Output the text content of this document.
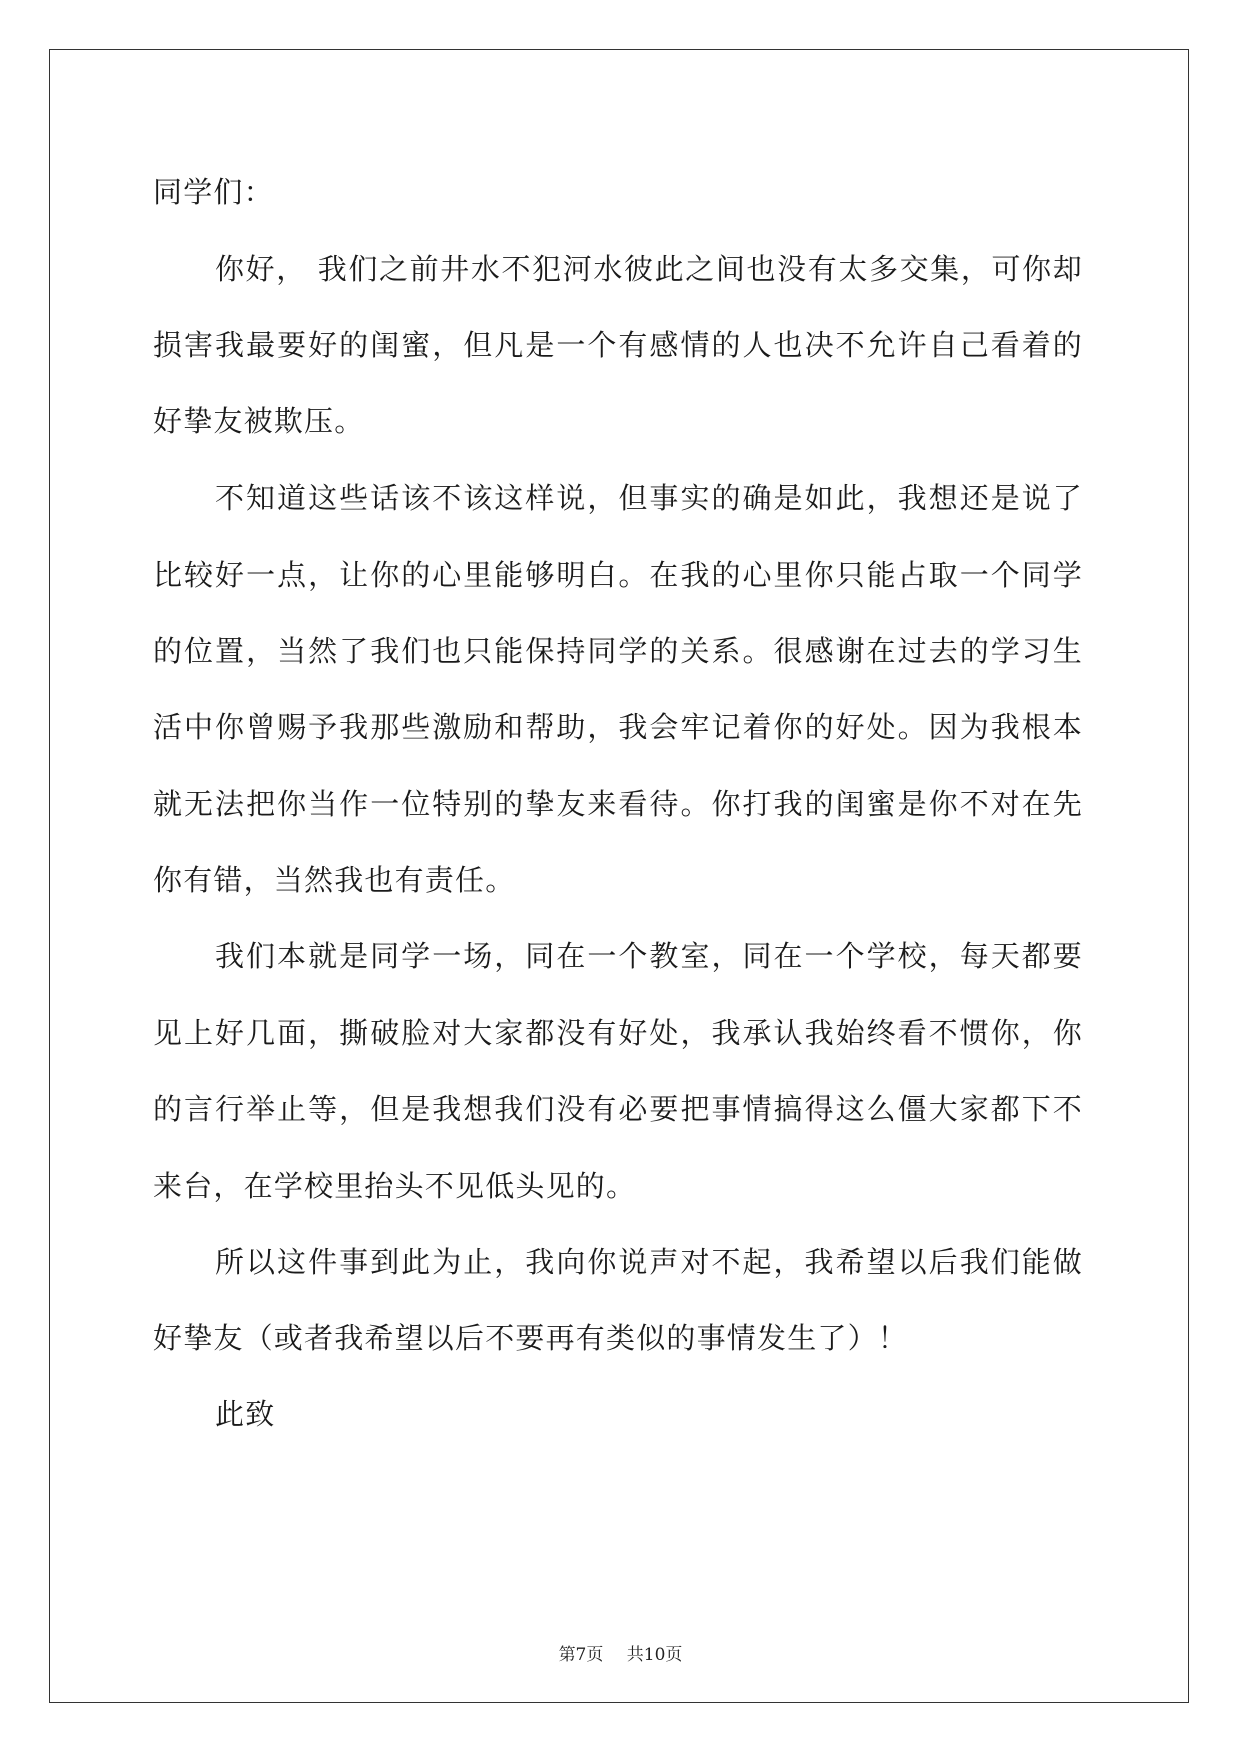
同学们：
你好， 我们之前井水不犯河水彼此之间也没有太多交集，可你却
损害我最要好的闺蜜，但凡是一个有感情的人也决不允许自己看着的
好挚友被欺压。
不知道这些话该不该这样说，但事实的确是如此，我想还是说了
比较好一点，让你的心里能够明白。在我的心里你只能占取一个同学
的位置，当然了我们也只能保持同学的关系。很感谢在过去的学习生
活中你曾赐予我那些激励和帮助，我会牢记着你的好处。因为我根本
就无法把你当作一位特别的挚友来看待。你打我的闺蜜是你不对在先
你有错，当然我也有责任。
我们本就是同学一场，同在一个教室，同在一个学校，每天都要
见上好几面，撕破脸对大家都没有好处，我承认我始终看不惯你，你
的言行举止等，但是我想我们没有必要把事情搞得这么僵大家都下不
来台，在学校里抬头不见低头见的。
所以这件事到此为止，我向你说声对不起，我希望以后我们能做
好挚友（或者我希望以后不要再有类似的事情发生了）！
此致
第7页 共10页
